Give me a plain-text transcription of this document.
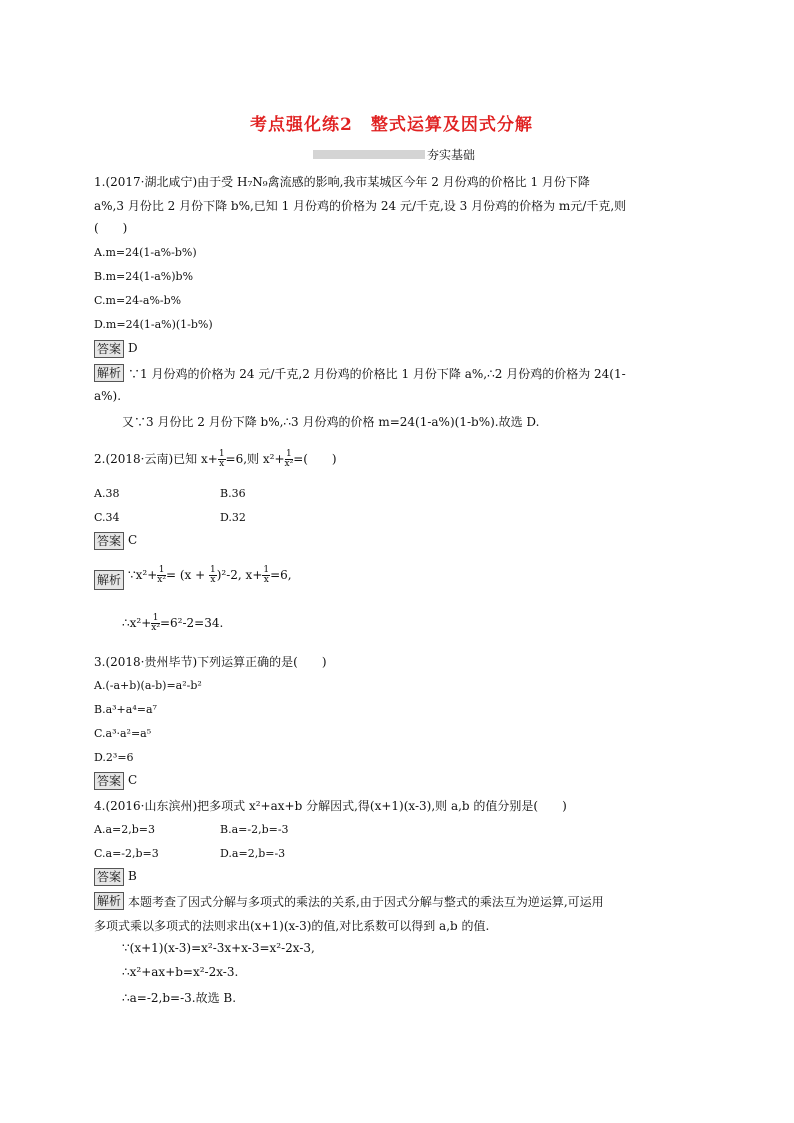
考点强化练2　整式运算及因式分解
夯实基础
1.(2017·湖北咸宁)由于受 H₇N₉禽流感的影响,我市某城区今年 2 月份鸡的价格比 1 月份下降
a%,3 月份比 2 月份下降 b%,已知 1 月份鸡的价格为 24 元/千克,设 3 月份鸡的价格为 m元/千克,则
(　　)
A.m=24(1-a%-b%)
B.m=24(1-a%)b%
C.m=24-a%-b%
D.m=24(1-a%)(1-b%)
答案 D
解析 ∵1 月份鸡的价格为 24 元/千克,2 月份鸡的价格比 1 月份下降 a%,∴2 月份鸡的价格为 24(1-
a%).
又∵3 月份比 2 月份下降 b%,∴3 月份鸡的价格 m=24(1-a%)(1-b%).故选 D.
2.(2018·云南)已知 $x+ \frac{1}{x} =6$,则 $x^2+ \frac{1}{\text{x²}}$ =(　　)
A.38	B.36
C.34	D.32
答案 C
解析 ∵x²+ $\frac{1}{\text{x²}} = (x + \frac{1}{x} )^2-2$, $x+ \frac{1}{x} =6$,
∴x²+ $\frac{1}{\text{x²}} =6^2-2=34$.
3.(2018·贵州毕节)下列运算正确的是(　　)
A.(-a+b)(a-b)=a²-b²
B.a³+a⁴=a⁷
C.a³·a²=a⁵
D.2³=6
答案 C
4.(2016·山东滨州)把多项式 x²+ax+b 分解因式,得(x+1)(x-3),则 a,b 的值分别是(　　)
A.a=2,b=3	B.a=-2,b=-3
C.a=-2,b=3	D.a=2,b=-3
答案 B
解析 本题考查了因式分解与多项式的乘法的关系,由于因式分解与整式的乘法互为逆运算,可运用
多项式乘以多项式的法则求出(x+1)(x-3)的值,对比系数可以得到 a,b 的值.
∵(x+1)(x-3)=x²-3x+x-3=x²-2x-3,
∴x²+ax+b=x²-2x-3.
∴a=-2,b=-3.故选 B.
